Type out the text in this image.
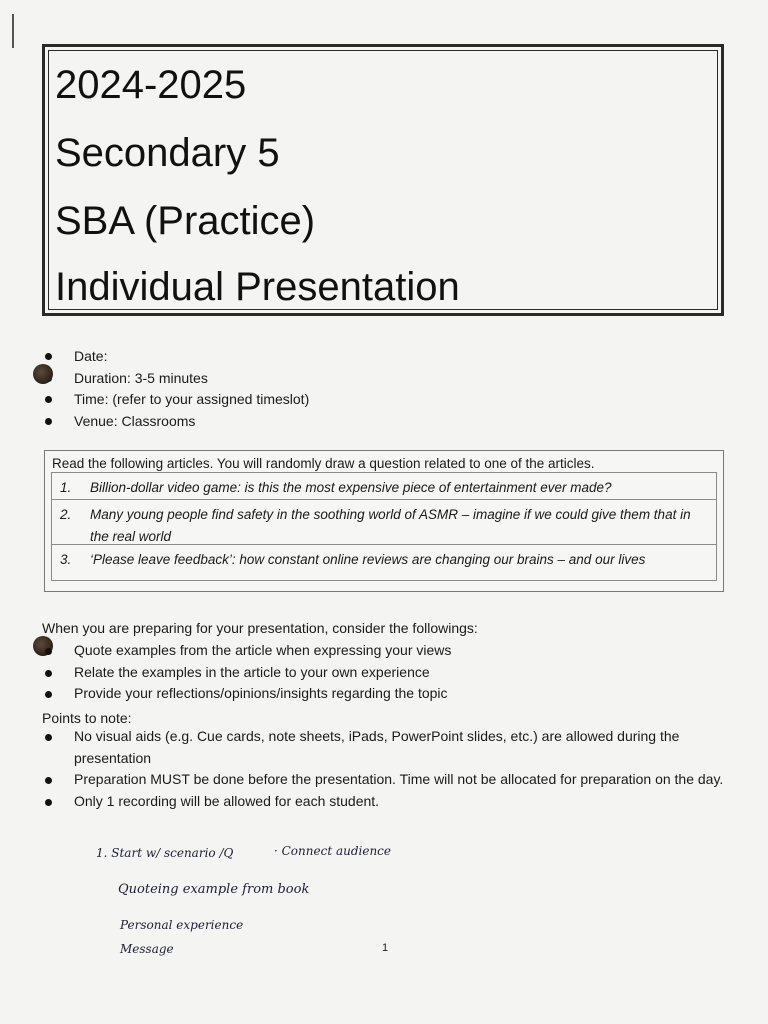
2024-2025
Secondary 5
SBA (Practice)
Individual Presentation
Date:
Duration: 3-5 minutes
Time: (refer to your assigned timeslot)
Venue: Classrooms
Read the following articles. You will randomly draw a question related to one of the articles.
1.	Billion-dollar video game: is this the most expensive piece of entertainment ever made?
2.	Many young people find safety in the soothing world of ASMR – imagine if we could give them that in the real world
3.	‘Please leave feedback’: how constant online reviews are changing our brains – and our lives
When you are preparing for your presentation, consider the followings:
Quote examples from the article when expressing your views
Relate the examples in the article to your own experience
Provide your reflections/opinions/insights regarding the topic
Points to note:
No visual aids (e.g. Cue cards, note sheets, iPads, PowerPoint slides, etc.) are allowed during the presentation
Preparation MUST be done before the presentation. Time will not be allocated for preparation on the day.
Only 1 recording will be allowed for each student.
1. Start w/ scenario /Q	· Connect audience
Quoteing example from book
Personal experience
Message	1
